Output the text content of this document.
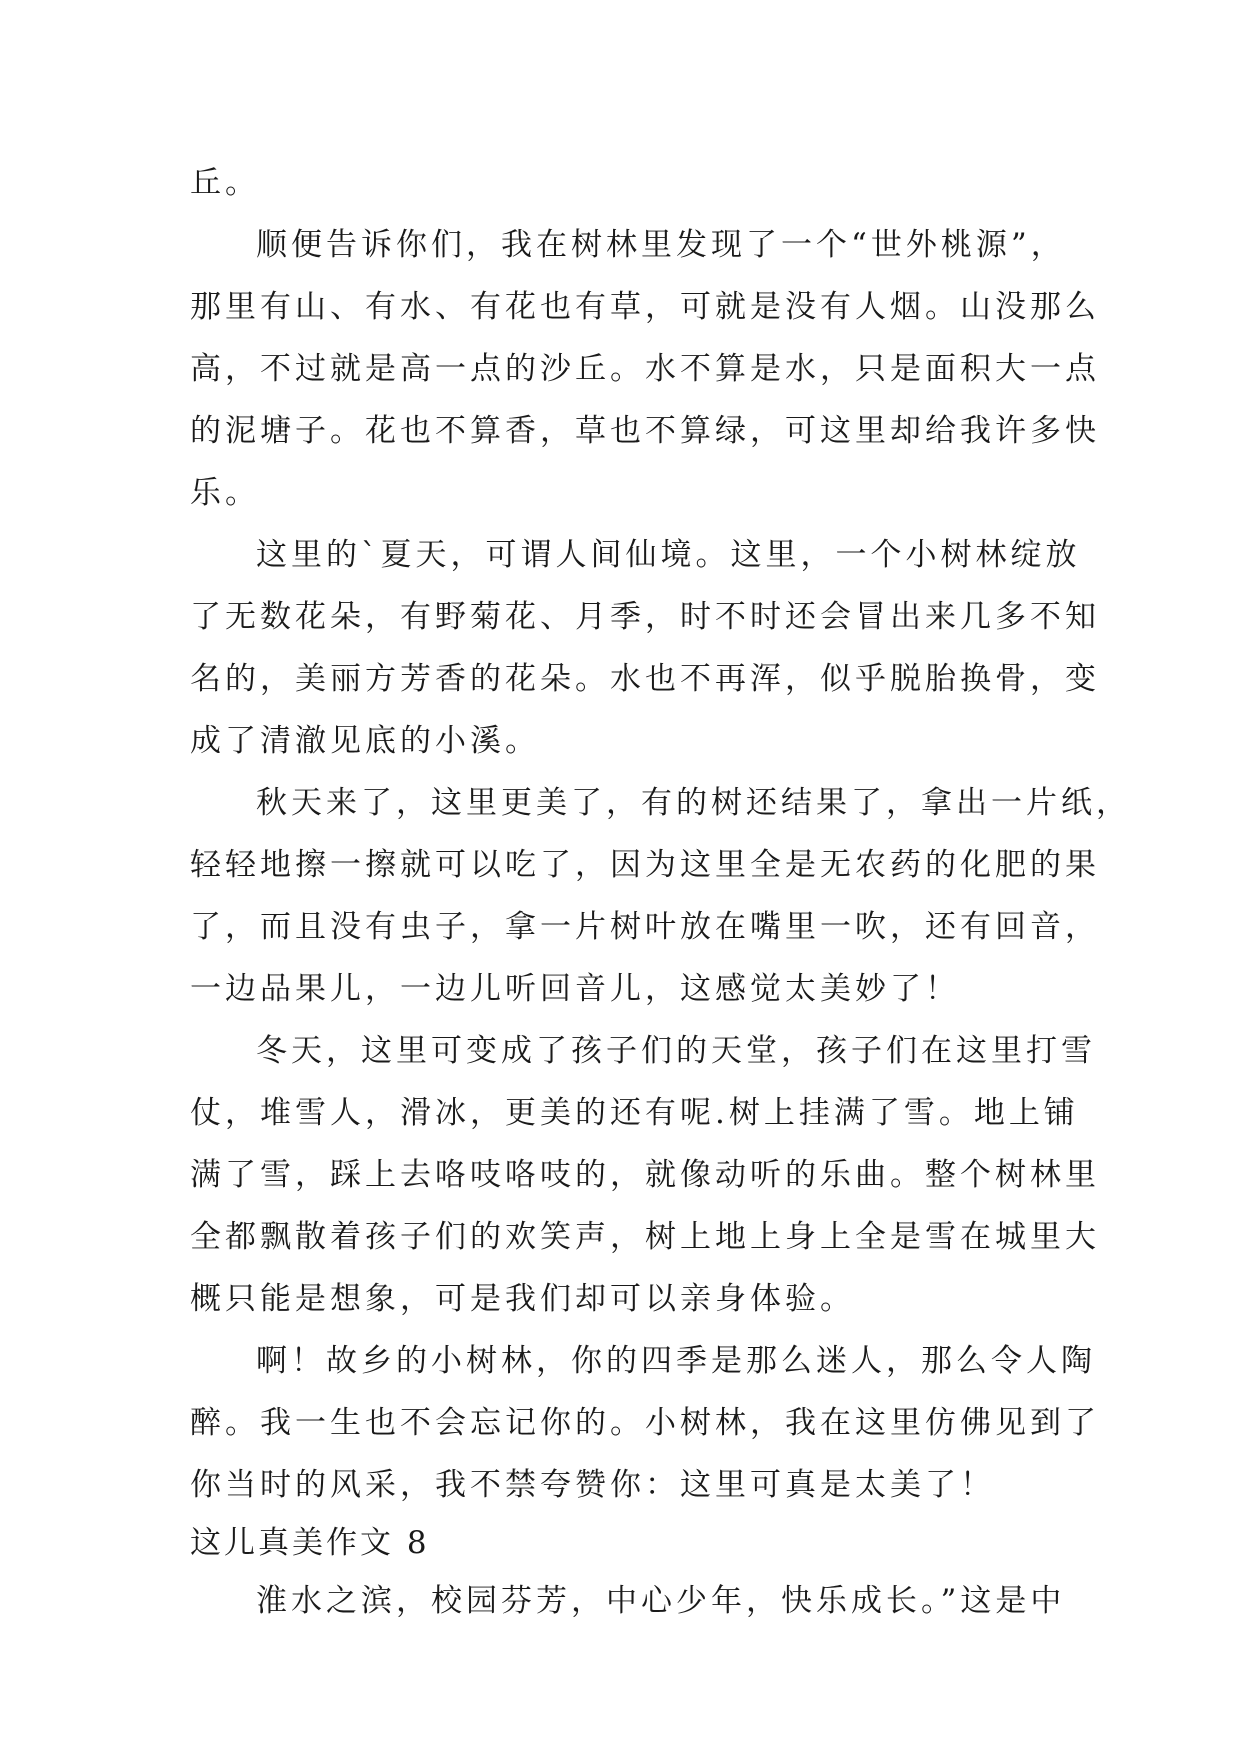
丘。
顺便告诉你们，我在树林里发现了一个“世外桃源”，
那里有山、有水、有花也有草，可就是没有人烟。山没那么
高，不过就是高一点的沙丘。水不算是水，只是面积大一点
的泥塘子。花也不算香，草也不算绿，可这里却给我许多快
乐。
这里的`夏天，可谓人间仙境。这里，一个小树林绽放
了无数花朵，有野菊花、月季，时不时还会冒出来几多不知
名的，美丽方芳香的花朵。水也不再浑，似乎脱胎换骨，变
成了清澈见底的小溪。
秋天来了，这里更美了，有的树还结果了，拿出一片纸，
轻轻地擦一擦就可以吃了，因为这里全是无农药的化肥的果
了，而且没有虫子，拿一片树叶放在嘴里一吹，还有回音，
一边品果儿，一边儿听回音儿，这感觉太美妙了！
冬天，这里可变成了孩子们的天堂，孩子们在这里打雪
仗，堆雪人，滑冰，更美的还有呢.树上挂满了雪。地上铺
满了雪，踩上去咯吱咯吱的，就像动听的乐曲。整个树林里
全都飘散着孩子们的欢笑声，树上地上身上全是雪在城里大
概只能是想象，可是我们却可以亲身体验。
啊！故乡的小树林，你的四季是那么迷人，那么令人陶
醉。我一生也不会忘记你的。小树林，我在这里仿佛见到了
你当时的风采，我不禁夸赞你：这里可真是太美了！
这儿真美作文 8
淮水之滨，校园芬芳，中心少年，快乐成长。”这是中
